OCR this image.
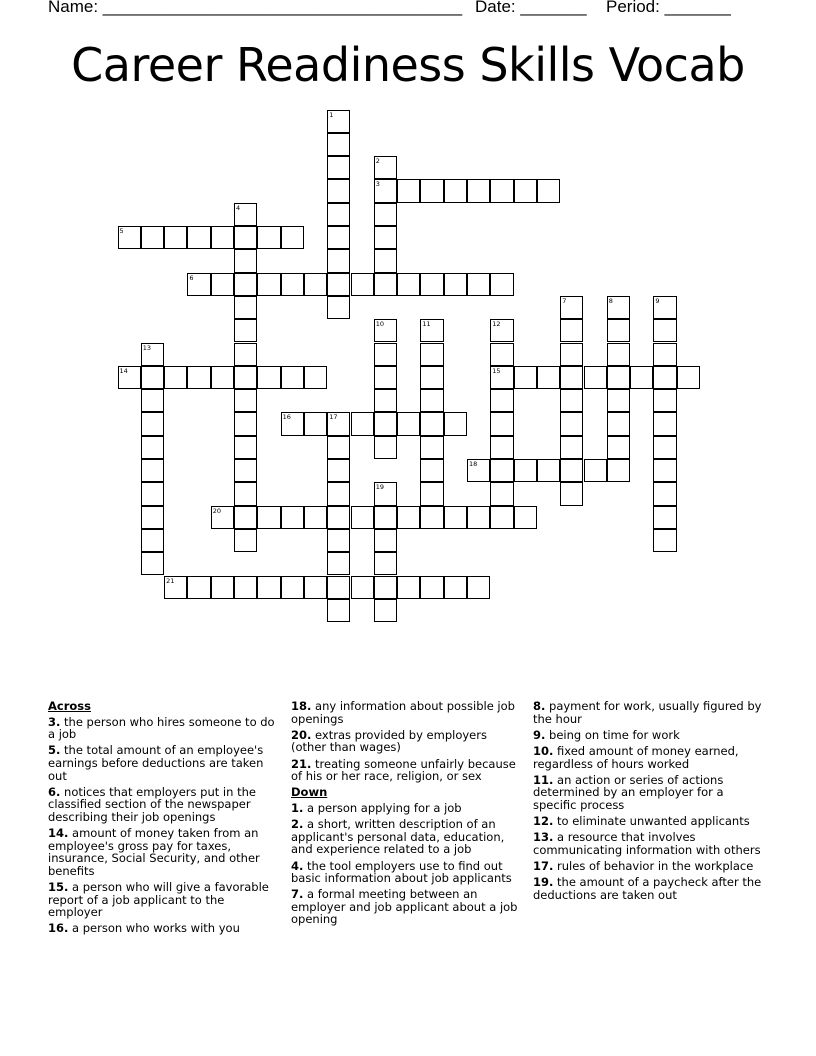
Name: ______________________________________ Date: _______ Period: _______
Career Readiness Skills Vocab
1
2
3
4
5
6
7	8	9
10	11	12
15
13
14
16	17
18
19
20
21
Across
3. the person who hires someone to do a job
5. the total amount of an employee's earnings before deductions are taken out
6. notices that employers put in the classified section of the newspaper describing their job openings
14. amount of money taken from an employee's gross pay for taxes, insurance, Social Security, and other benefits
15. a person who will give a favorable report of a job applicant to the employer
16. a person who works with you
18. any information about possible job openings
20. extras provided by employers (other than wages)
21. treating someone unfairly because of his or her race, religion, or sex
Down
1. a person applying for a job
2. a short, written description of an applicant's personal data, education, and experience related to a job
4. the tool employers use to find out basic information about job applicants
7. a formal meeting between an employer and job applicant about a job opening
8. payment for work, usually figured by the hour
9. being on time for work
10. fixed amount of money earned, regardless of hours worked
11. an action or series of actions determined by an employer for a specific process
12. to eliminate unwanted applicants
13. a resource that involves communicating information with others
17. rules of behavior in the workplace
19. the amount of a paycheck after the deductions are taken out
